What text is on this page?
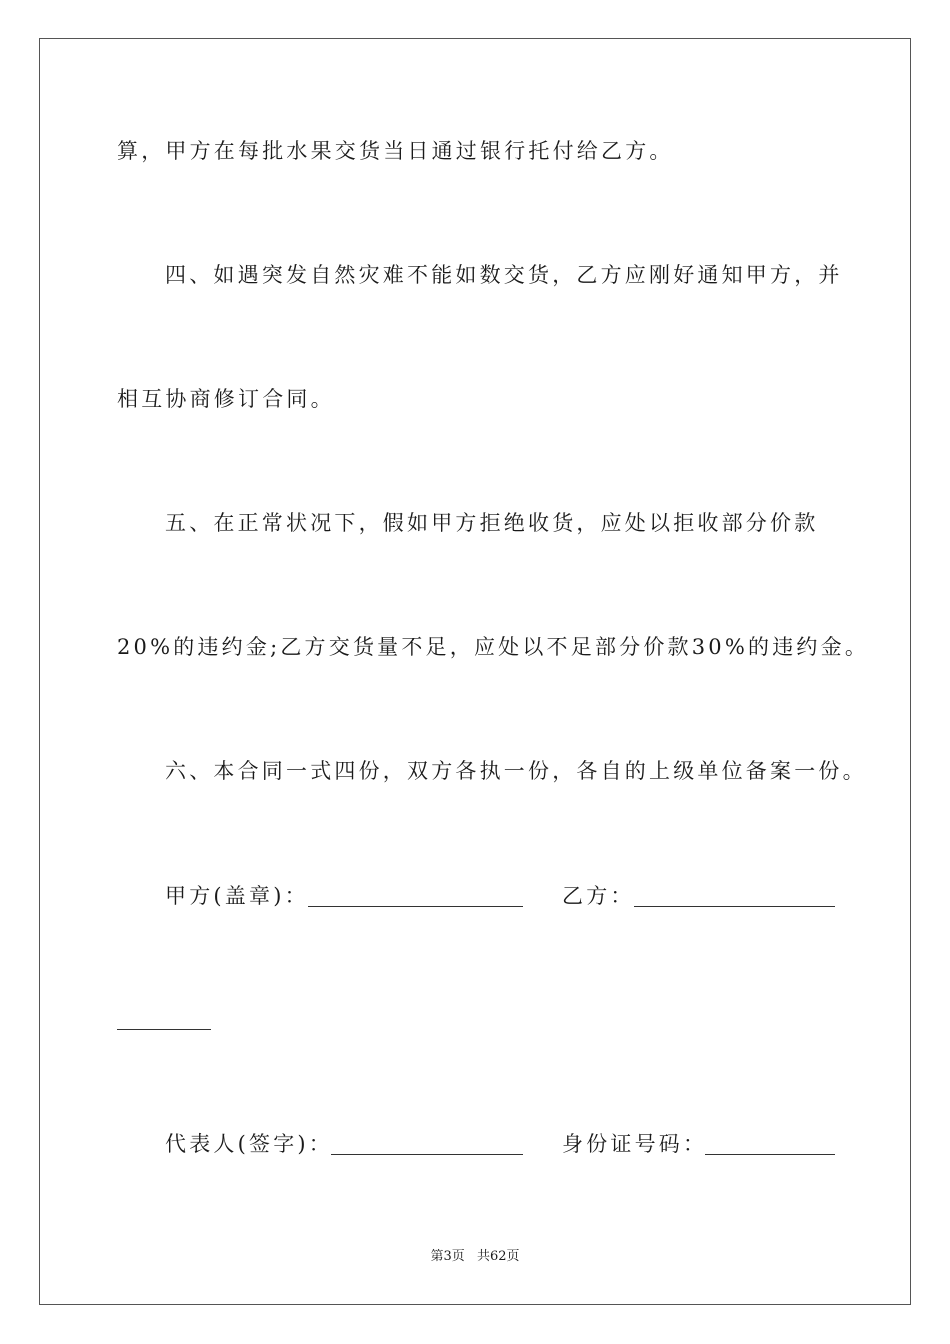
算，甲方在每批水果交货当日通过银行托付给乙方。
四、如遇突发自然灾难不能如数交货，乙方应刚好通知甲方，并
相互协商修订合同。
五、在正常状况下，假如甲方拒绝收货，应处以拒收部分价款
20%的违约金;乙方交货量不足，应处以不足部分价款30%的违约金。
六、本合同一式四份，双方各执一份，各自的上级单位备案一份。
甲方(盖章)：	乙方：
代表人(签字)：	身份证号码：
第3页 共62页
